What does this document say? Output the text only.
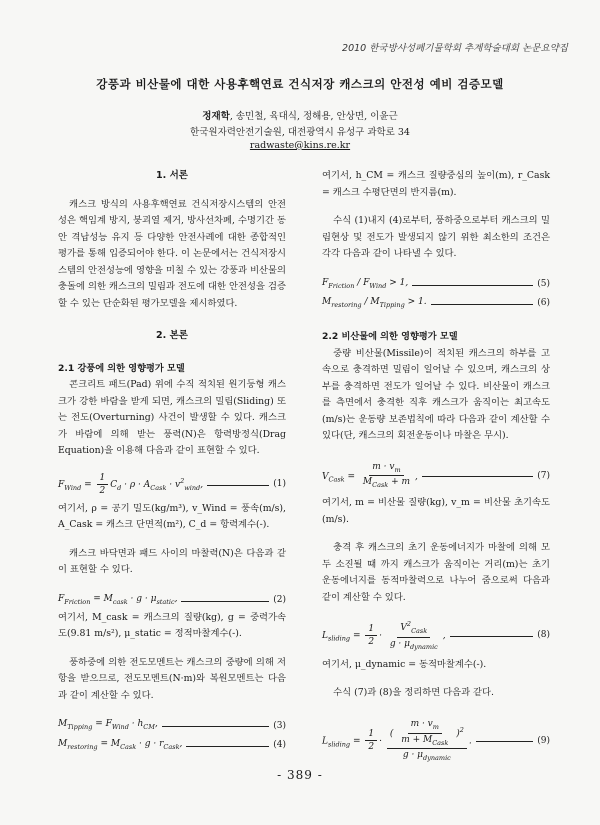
2010 한국방사성폐기물학회 추계학술대회 논문요약집
강풍과 비산물에 대한 사용후핵연료 건식저장 캐스크의 안전성 예비 검증모델
정재학, 송민철, 육대식, 정해용, 안상면, 이윤근
한국원자력안전기술원, 대전광역시 유성구 과학로 34
radwaste@kins.re.kr
1. 서론

캐스크 방식의 사용후핵연료 건식저장시스템의 안전성은 핵임계 방지, 붕괴열 제거, 방사선차폐, 수명기간 동안 격납성능 유지 등 다양한 안전사례에 대한 종합적인 평가를 통해 입증되어야 한다. 이 논문에서는 건식저장시스템의 안전성능에 영향을 미칠 수 있는 강풍과 비산물의 충돌에 의한 캐스크의 밀림과 전도에 대한 안전성을 검증할 수 있는 단순화된 평가모델을 제시하였다.

2. 본론
2.1 강풍에 의한 영향평가 모델

콘크리트 패드(Pad) 위에 수직 적치된 원기둥형 캐스크가 강한 바람을 받게 되면, 캐스크의 밀림(Sliding) 또는 전도(Overturning) 사건이 발생할 수 있다. 캐스크가 바람에 의해 받는 풍력(N)은 항력방정식(Drag Equation)을 이용해 다음과 같이 표현할 수 있다.

$F_{Wind} = \frac{1}{2} C_d \cdot \rho \cdot A_{Cask} \cdot v^2_{wind}$,	(1)

여기서, ρ = 공기 밀도(kg/m³), v_Wind = 풍속(m/s), A_Cask = 캐스크 단면적(m²), C_d = 항력계수(-).

캐스크 바닥면과 패드 사이의 마찰력(N)은 다음과 같이 표현할 수 있다.

$F_{Friction} = M_{cask} \cdot g \cdot \mu_{static}$,	(2)

여기서, M_cask = 캐스크의 질량(kg), g = 중력가속도(9.81 m/s²), μ_static = 정적마찰계수(-).

풍하중에 의한 전도모멘트는 캐스크의 중량에 의해 저항을 받으므로, 전도모멘트(N·m)와 복원모멘트는 다음과 같이 계산할 수 있다.

$M_{Tipping} = F_{Wind} \cdot h_{CM}$,	(3)
$M_{restoring} = M_{Cask} \cdot g \cdot r_{Cask}$,	(4)

여기서, h_CM = 캐스크 질량중심의 높이(m), r_Cask = 캐스크 수평단면의 반지름(m).

수식 (1)내지 (4)로부터, 풍하중으로부터 캐스크의 밀림현상 및 전도가 발생되지 않기 위한 최소한의 조건은 각각 다음과 같이 나타낼 수 있다.

$F_{Friction} / F_{Wind} > 1$,	(5)
$M_{restoring} / M_{Tipping} > 1$.	(6)
2.2 비산물에 의한 영향평가 모델

중량 비산물(Missile)이 적치된 캐스크의 하부를 고속으로 충격하면 밀림이 일어날 수 있으며, 캐스크의 상부를 충격하면 전도가 일어날 수 있다. 비산물이 캐스크를 측면에서 충격한 직후 캐스크가 움직이는 최고속도(m/s)는 운동량 보존법칙에 따라 다음과 같이 계산할 수 있다(단, 캐스크의 회전운동이나 마찰은 무시).

$V_{Cask} = \frac{m \cdot v_m}{M_{Cask} + m}$ ,	(7)

여기서, m = 비산물 질량(kg), v_m = 비산물 초기속도(m/s).

충격 후 캐스크의 초기 운동에너지가 마찰에 의해 모두 소진될 때 까지 캐스크가 움직이는 거리(m)는 초기 운동에너지를 동적마찰력으로 나누어 줌으로써 다음과 같이 계산할 수 있다.

$L_{sliding} = \frac{1}{2} \cdot \frac{V^2_{Cask}}{g \cdot \mu_{dynamic}}$ ,	(8)

여기서, μ_dynamic = 동적마찰계수(-).

수식 (7)과 (8)을 정리하면 다음과 같다.

$L_{sliding} = \frac{1}{2} \cdot \frac{( \frac{m \cdot v_m}{m + M_{Cask}} )^2}{g \cdot \mu_{dynamic}}$ .	(9)
- 389 -
